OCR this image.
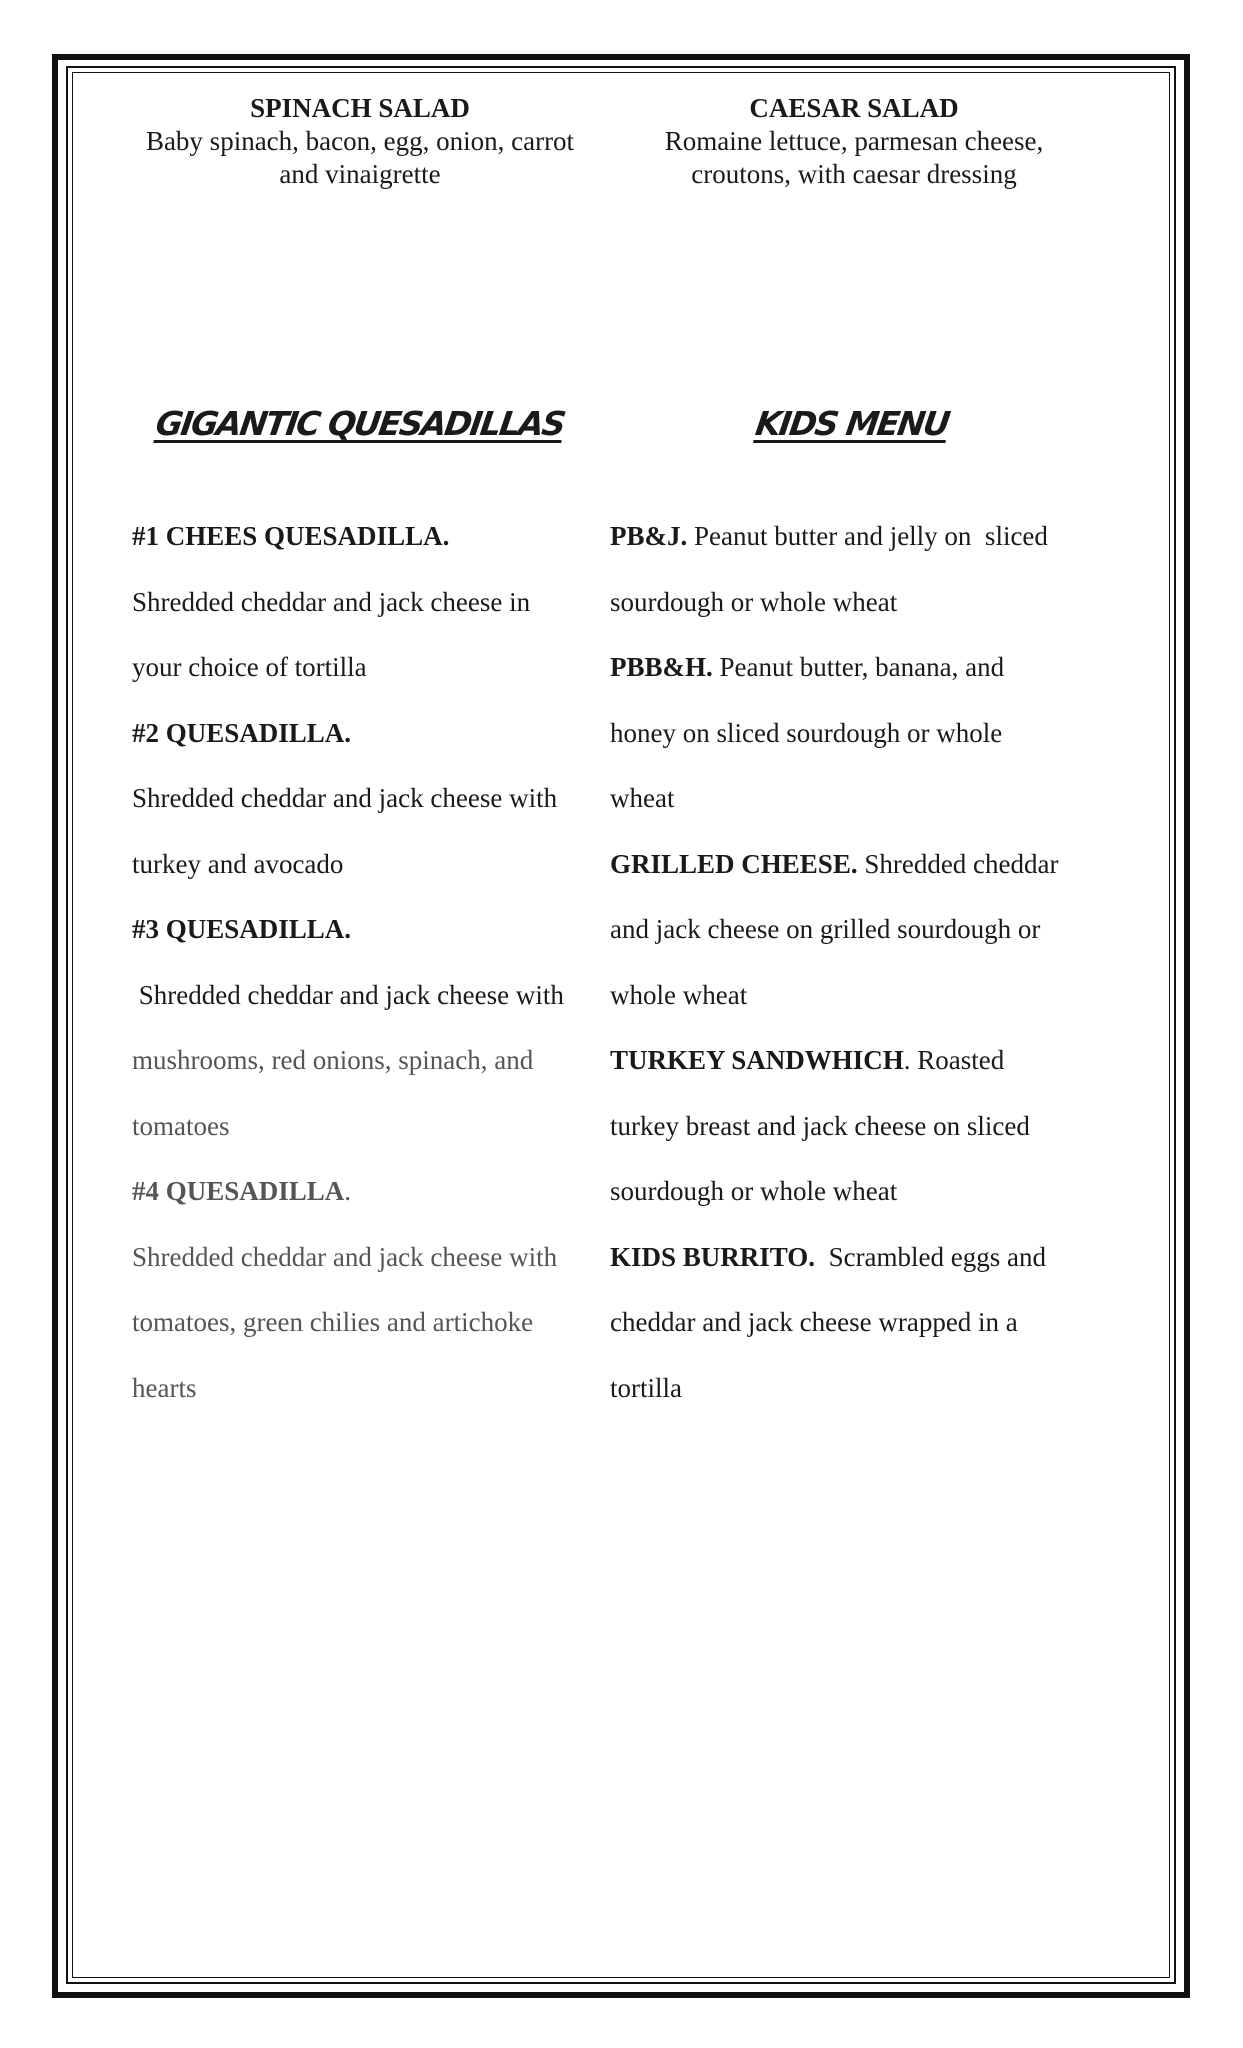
SPINACH SALAD
Baby spinach, bacon, egg, onion, carrot
and vinaigrette
CAESAR SALAD
Romaine lettuce, parmesan cheese,
croutons, with caesar dressing
GIGANTIC QUESADILLAS	KIDS MENU

#1 CHEES QUESADILLA.

Shredded cheddar and jack cheese in

your choice of tortilla

#2 QUESADILLA.

Shredded cheddar and jack cheese with

turkey and avocado

#3 QUESADILLA.

Shredded cheddar and jack cheese with

mushrooms, red onions, spinach, and

tomatoes

#4 QUESADILLA.

Shredded cheddar and jack cheese with

tomatoes, green chilies and artichoke

hearts

PB&J. Peanut butter and jelly on  sliced

sourdough or whole wheat

PBB&H. Peanut butter, banana, and

honey on sliced sourdough or whole

wheat

GRILLED CHEESE. Shredded cheddar

and jack cheese on grilled sourdough or

whole wheat

TURKEY SANDWHICH. Roasted

turkey breast and jack cheese on sliced

sourdough or whole wheat

KIDS BURRITO.  Scrambled eggs and

cheddar and jack cheese wrapped in a

tortilla
